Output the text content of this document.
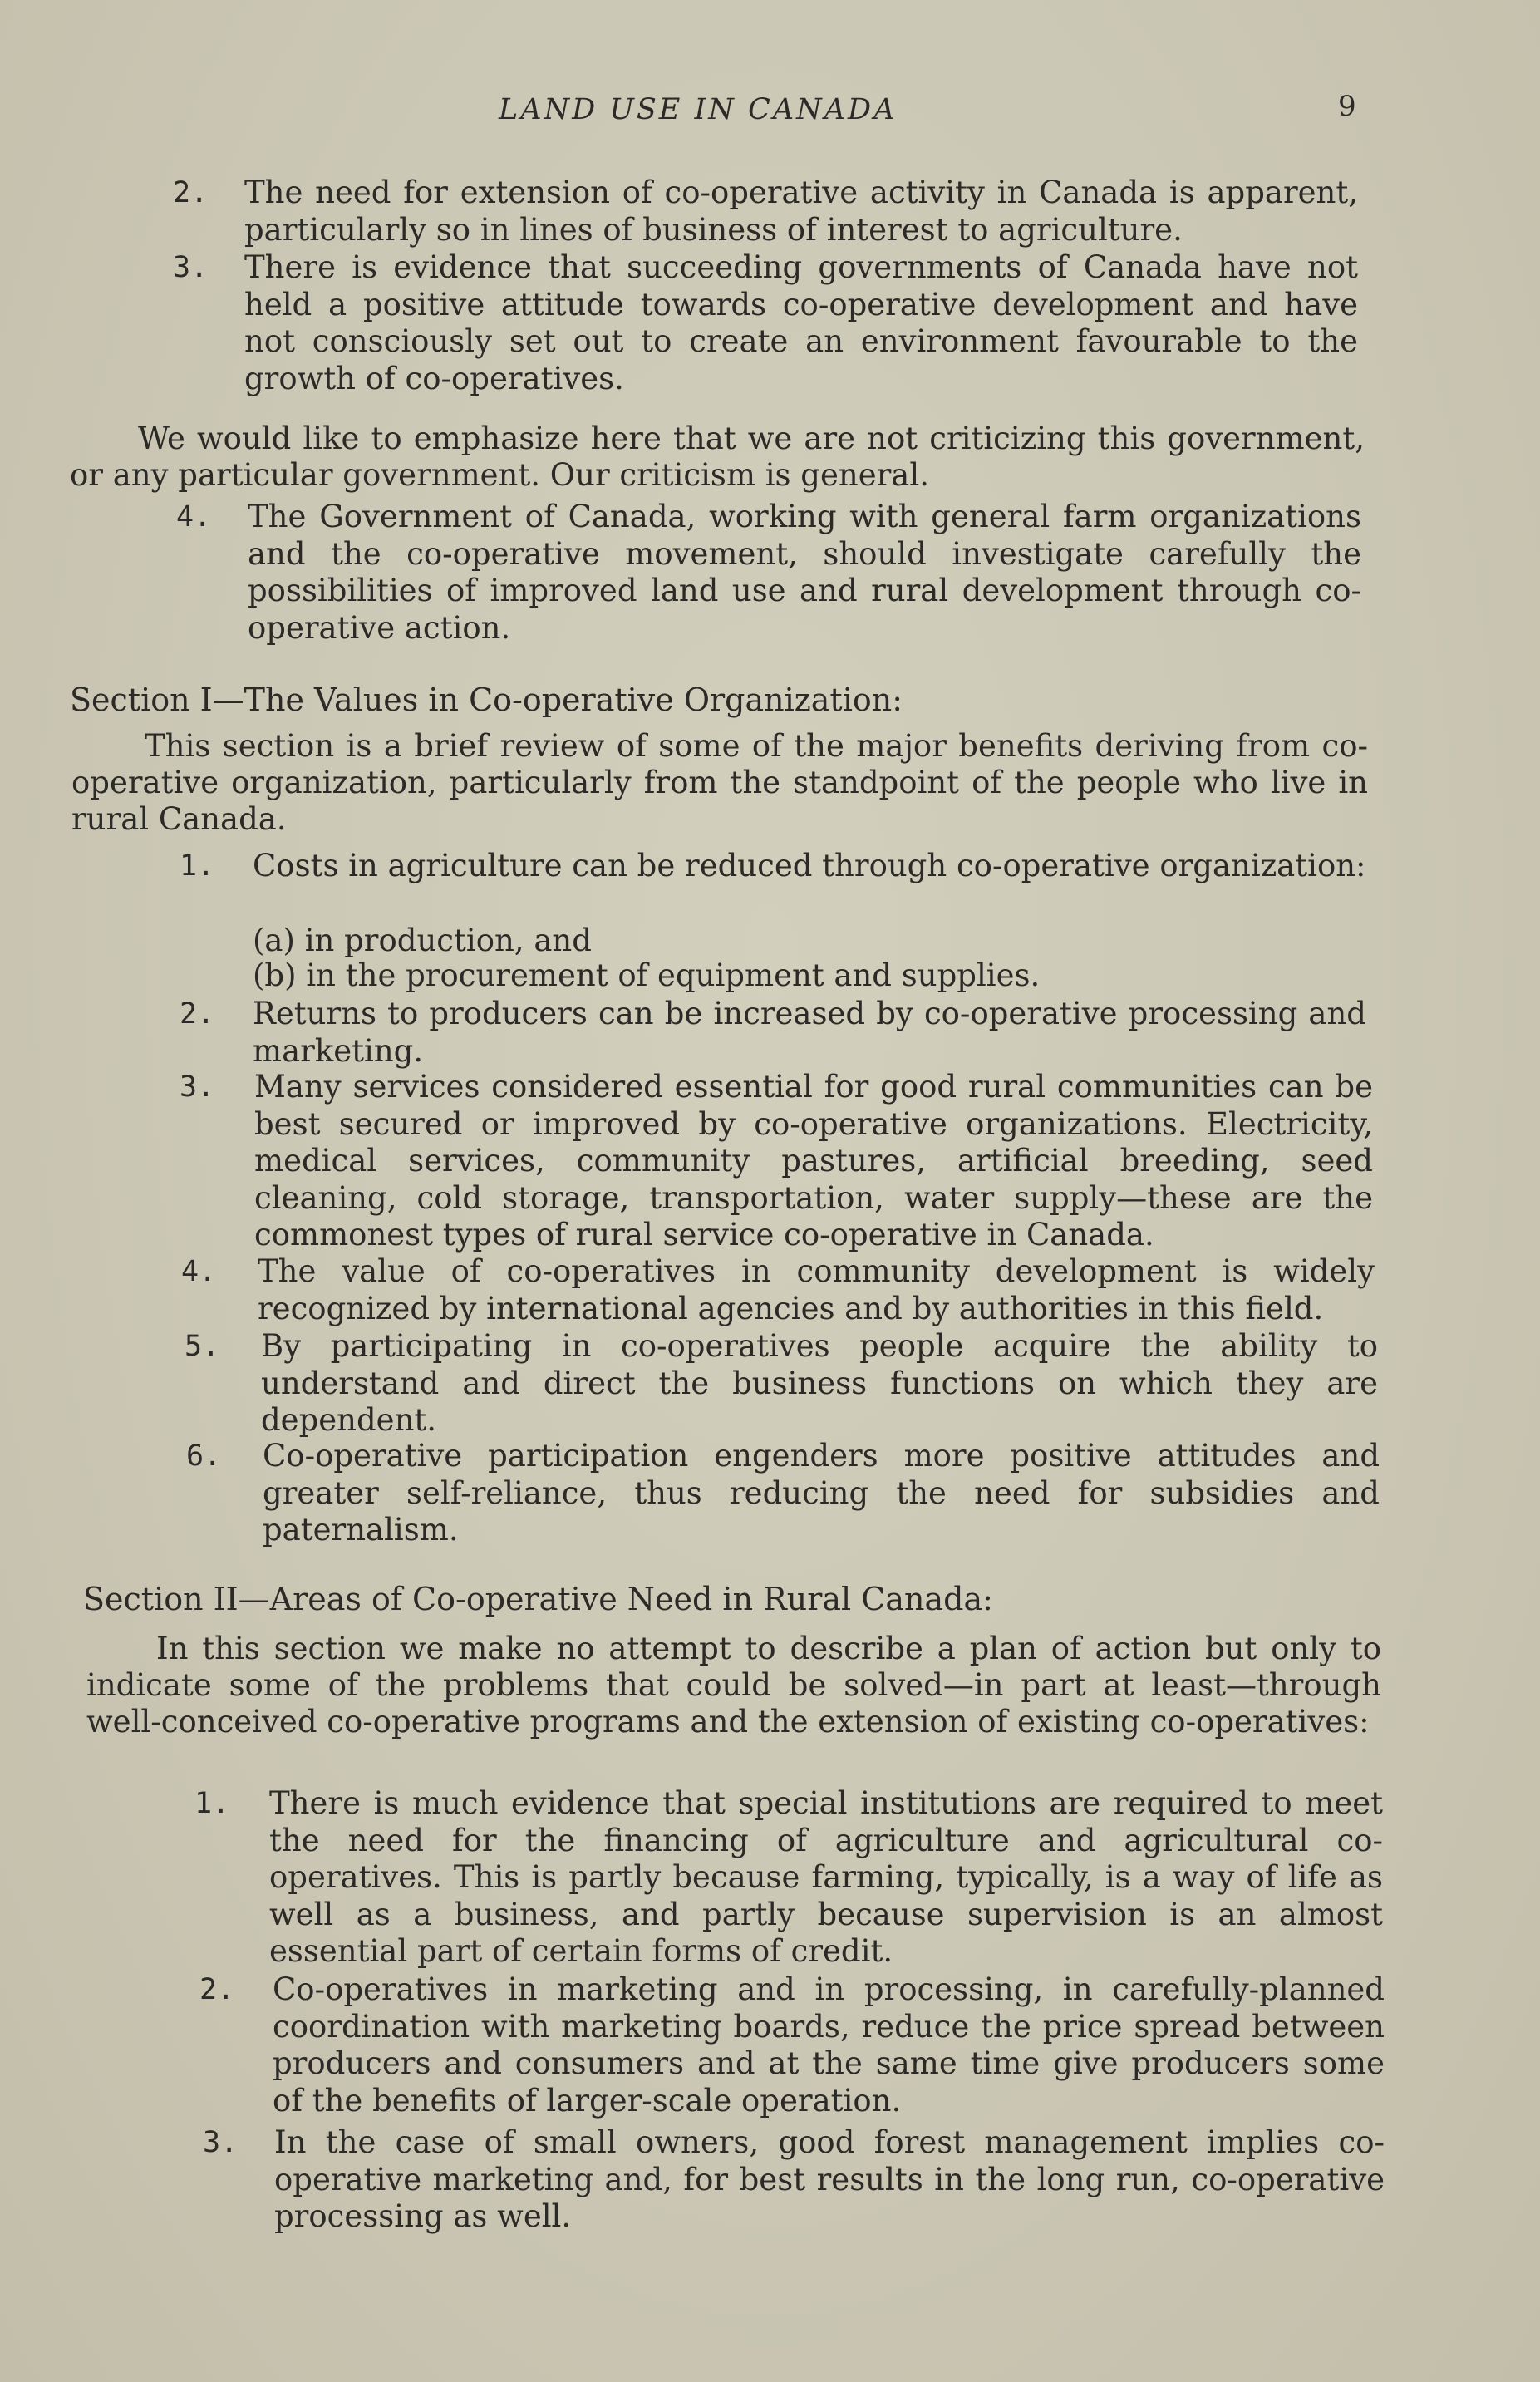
LAND USE IN CANADA	9
2. The need for extension of co-operative activity in Canada is apparent, particularly so in lines of business of interest to agriculture.
3. There is evidence that succeeding governments of Canada have not held a positive attitude towards co-operative development and have not consciously set out to create an environment favourable to the growth of co-operatives.
We would like to emphasize here that we are not criticizing this government, or any particular government. Our criticism is general.
4. The Government of Canada, working with general farm organizations and the co-operative movement, should investigate carefully the possibilities of improved land use and rural development through co-operative action.
Section I—The Values in Co-operative Organization:
This section is a brief review of some of the major benefits deriving from co-operative organization, particularly from the standpoint of the people who live in rural Canada.
1. Costs in agriculture can be reduced through co-operative organization:
(a) in production, and
(b) in the procurement of equipment and supplies.
2. Returns to producers can be increased by co-operative processing and marketing.
3. Many services considered essential for good rural communities can be best secured or improved by co-operative organizations. Electricity, medical services, community pastures, artificial breeding, seed cleaning, cold storage, transportation, water supply—these are the commonest types of rural service co-operative in Canada.
4. The value of co-operatives in community development is widely recognized by international agencies and by authorities in this field.
5. By participating in co-operatives people acquire the ability to understand and direct the business functions on which they are dependent.
6. Co-operative participation engenders more positive attitudes and greater self-reliance, thus reducing the need for subsidies and paternalism.
Section II—Areas of Co-operative Need in Rural Canada:
In this section we make no attempt to describe a plan of action but only to indicate some of the problems that could be solved—in part at least—through well-conceived co-operative programs and the extension of existing co-operatives:
1. There is much evidence that special institutions are required to meet the need for the financing of agriculture and agricultural co-operatives. This is partly because farming, typically, is a way of life as well as a business, and partly because supervision is an almost essential part of certain forms of credit.
2. Co-operatives in marketing and in processing, in carefully-planned coordination with marketing boards, reduce the price spread between producers and consumers and at the same time give producers some of the benefits of larger-scale operation.
3. In the case of small owners, good forest management implies co-operative marketing and, for best results in the long run, co-operative processing as well.
